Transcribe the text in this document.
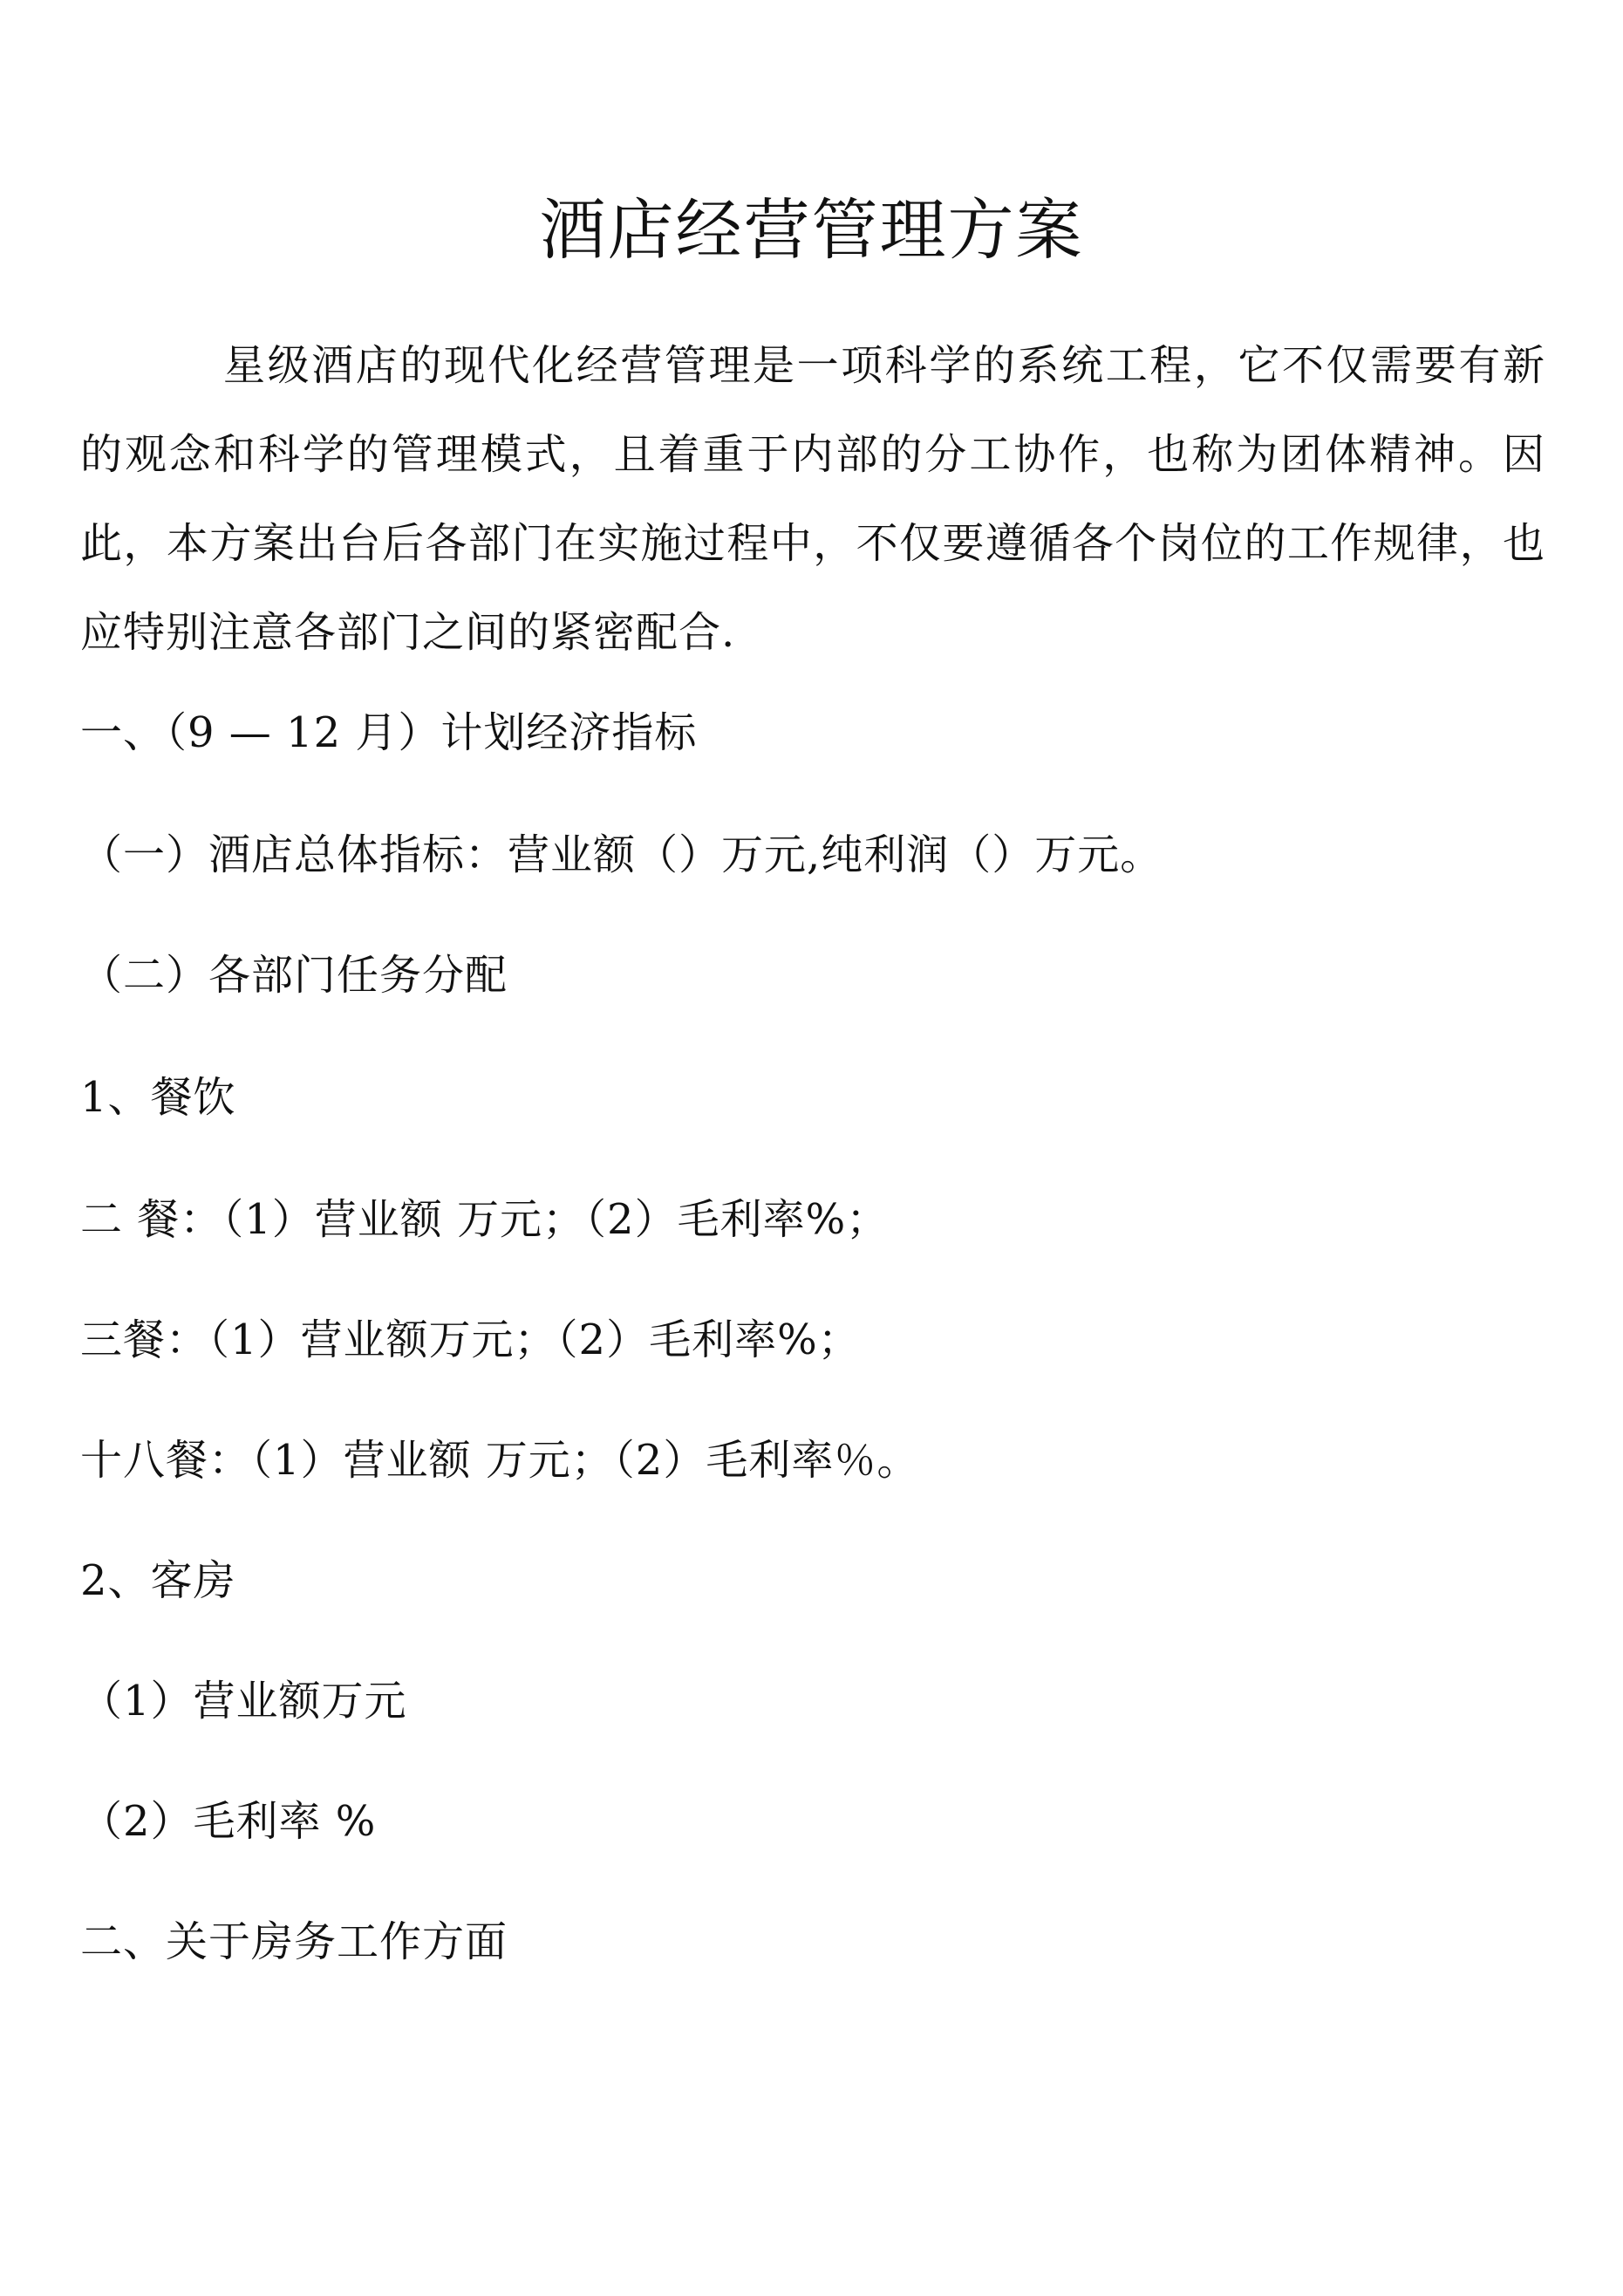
酒店经营管理方案

星级酒店的现代化经营管理是一项科学的系统工程，它不仅需要有新的观念和科学的管理模式，且着重于内部的分工协作，也称为团体精神。因此，本方案出台后各部门在实施过程中，不仅要遵循各个岗位的工作规律，也应特别注意各部门之间的紧密配合.

一、（9 — 12 月）计划经济指标

（一）酒店总体指标：营业额（）万元,纯利润（）万元。

（二）各部门任务分配

1、餐饮

二 餐：（1）营业额 万元；（2）毛利率%；

三餐：（1）营业额万元；（2）毛利率%；

十八餐：（1）营业额 万元；（2）毛利率％。

2、客房

（1）营业额万元

（2）毛利率 %

二、关于房务工作方面
